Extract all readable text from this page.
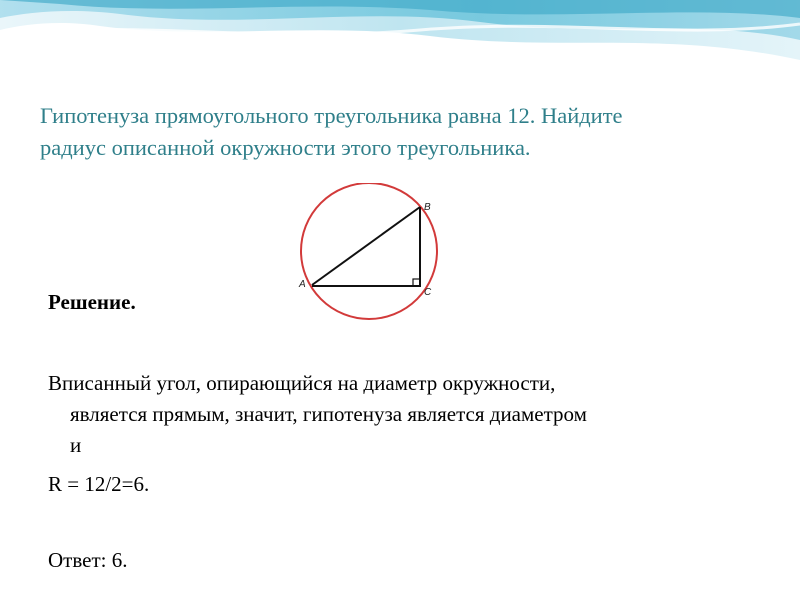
Гипотенуза прямоугольного треугольника равна 12. Найдите
радиус описанной окружности этого треугольника.
A
B
C
Решение.
Вписанный угол, опирающийся на диаметр окружности,
является прямым, значит, гипотенуза является диаметром
и
R = 12/2=6.
Ответ: 6.
